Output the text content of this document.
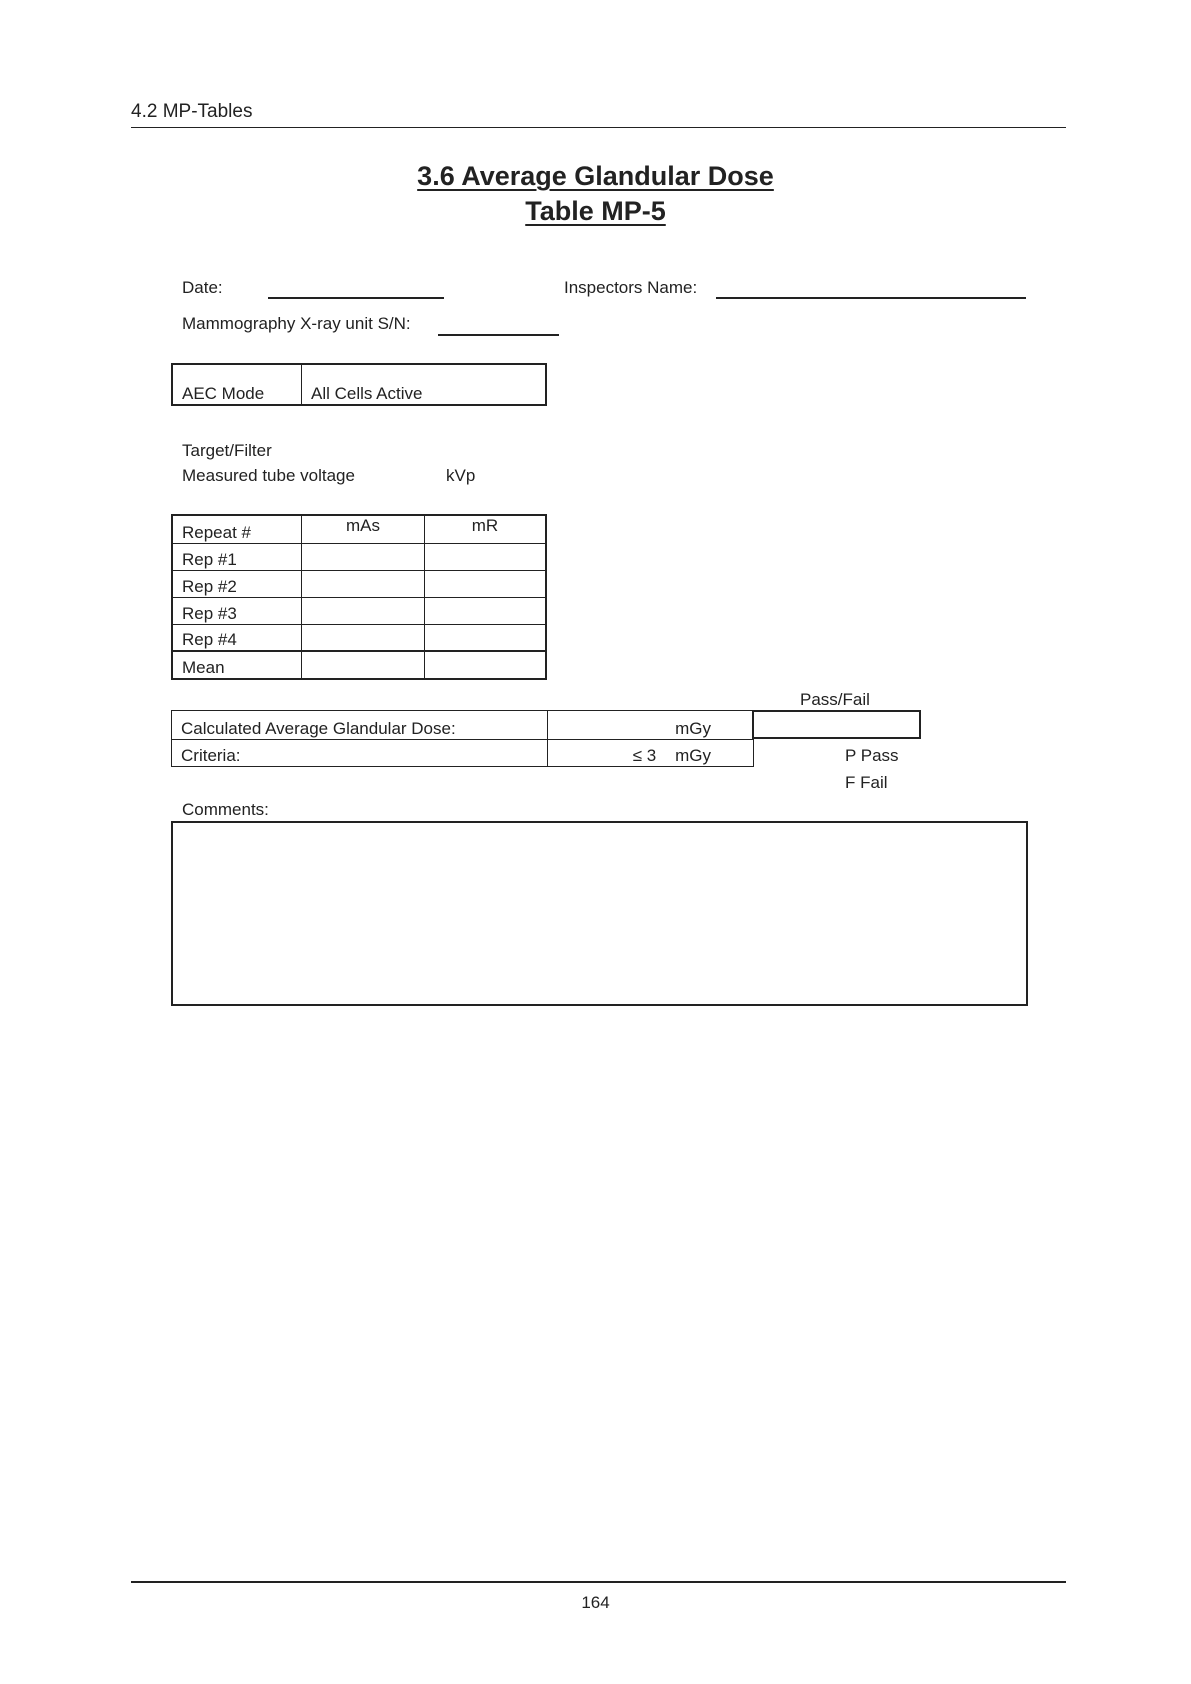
4.2 MP-Tables
3.6 Average Glandular Dose
Table MP-5
Date:	Inspectors Name:
Mammography X-ray unit S/N:
AEC Mode	All Cells Active
Target/Filter
Measured tube voltage	kVp
Repeat #	mAs	mR
Rep #1		
Rep #2		
Rep #3		
Rep #4		
Mean		
Pass/Fail
Calculated Average Glandular Dose:	mGy
Criteria:	≤ 3 mGy	P Pass
F Fail
Comments:
164
